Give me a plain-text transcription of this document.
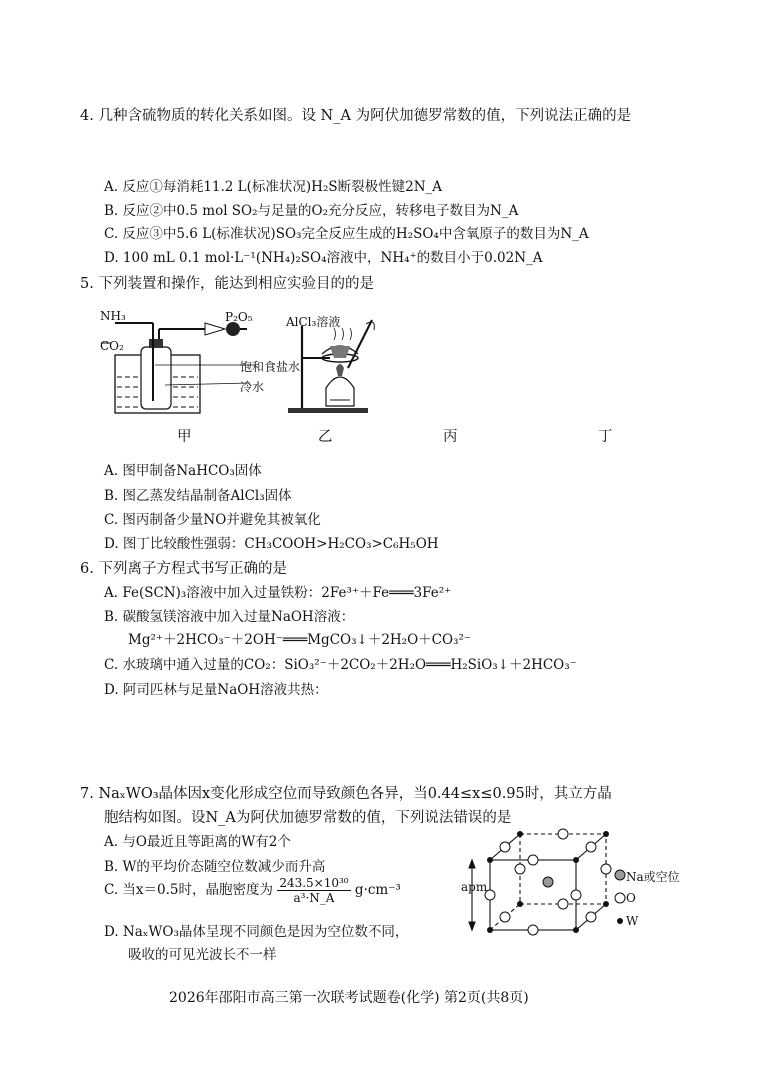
4. 几种含硫物质的转化关系如图。设 N_A 为阿伏加德罗常数的值，下列说法正确的是
A. 反应①每消耗11.2 L(标准状况)H₂S断裂极性键2N_A
B. 反应②中0.5 mol SO₂与足量的O₂充分反应，转移电子数目为N_A
C. 反应③中5.6 L(标准状况)SO₃完全反应生成的H₂SO₄中含氧原子的数目为N_A
D. 100 mL 0.1 mol·L⁻¹(NH₄)₂SO₄溶液中，NH₄⁺的数目小于0.02N_A
5. 下列装置和操作，能达到相应实验目的的是
NH₃
CO₂
P₂O₅
饱和食盐水
冷水
AlCl₃溶液
甲	乙	丙	丁
A. 图甲制备NaHCO₃固体
B. 图乙蒸发结晶制备AlCl₃固体
C. 图丙制备少量NO并避免其被氧化
D. 图丁比较酸性强弱：CH₃COOH>H₂CO₃>C₆H₅OH
6. 下列离子方程式书写正确的是
A. Fe(SCN)₃溶液中加入过量铁粉：2Fe³⁺＋Fe═══3Fe²⁺
B. 碳酸氢镁溶液中加入过量NaOH溶液：
Mg²⁺＋2HCO₃⁻＋2OH⁻═══MgCO₃↓＋2H₂O＋CO₃²⁻
C. 水玻璃中通入过量的CO₂：SiO₃²⁻＋2CO₂＋2H₂O═══H₂SiO₃↓＋2HCO₃⁻
D. 阿司匹林与足量NaOH溶液共热：
7. NaₓWO₃晶体因x变化形成空位而导致颜色各异，当0.44≤x≤0.95时，其立方晶
胞结构如图。设N_A为阿伏加德罗常数的值，下列说法错误的是
A. 与O最近且等距离的W有2个
B. W的平均价态随空位数减少而升高
C. 当x＝0.5时，晶胞密度为 $\frac{\text{243.5×10³⁰}}{\text{a³·N\_A}} g\cdot cm^{-3}$
D. NaₓWO₃晶体呈现不同颜色是因为空位数不同，
吸收的可见光波长不一样
apm
Na或空位
O
W
2026年邵阳市高三第一次联考试题卷(化学) 第2页(共8页)
